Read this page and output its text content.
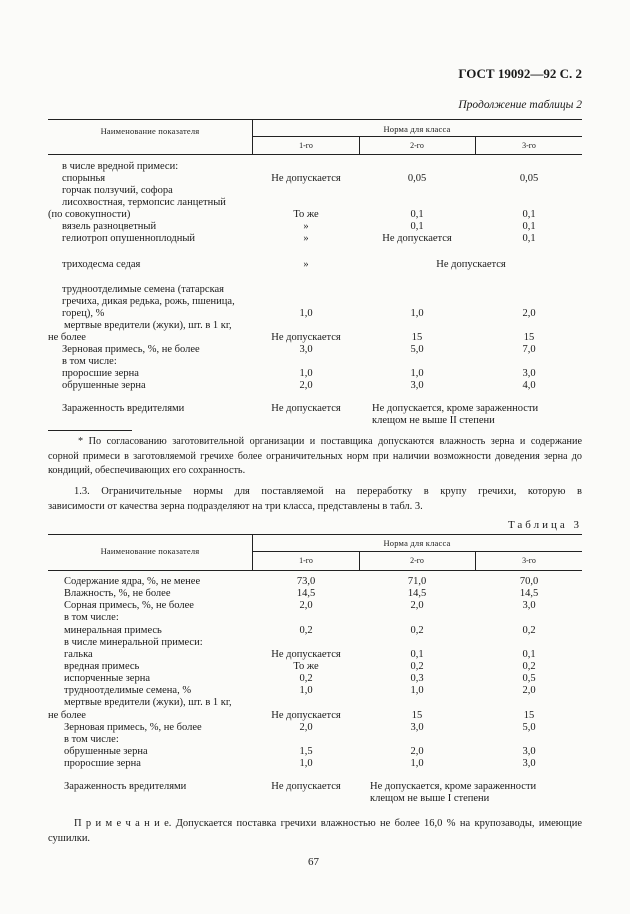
ГОСТ 19092—92 С. 2
Продолжение таблицы 2
Наименование показателя	Норма для класса
1-го	2-го	3-го
в числе вредной примеси:
спорынья	Не допускается	0,05	0,05
горчак ползучий, софора
лисохвостная, термопсис ланцетный
(по совокупности)	То же	0,1	0,1
вязель разноцветный	»	0,1	0,1
гелиотроп опушенноплодный	»	Не допускается	0,1
триходесма седая	»	Не допускается
трудноотделимые семена (татарская
гречиха, дикая редька, рожь, пшеница,
горец), %	1,0	1,0	2,0
мертвые вредители (жуки), шт. в 1 кг,
не более	Не допускается	15	15
Зерновая примесь, %, не более	3,0	5,0	7,0
в том числе:
проросшие зерна	1,0	1,0	3,0
обрушенные зерна	2,0	3,0	4,0
Зараженность вредителями	Не допускается	Не допускается, кроме зараженности
клещом не выше II степени
* По согласованию заготовительной организации и поставщика допускаются влажность зерна и содержание сорной примеси в заготовляемой гречихе более ограничительных норм при наличии возможности доведения зерна до кондиций, обеспечивающих его сохранность.
1.3. Ограничительные нормы для поставляемой на переработку в крупу гречихи, которую в
зависимости от качества зерна подразделяют на три класса, представлены в табл. 3.
Таблица 3
Наименование показателя
Норма для класса
1-го	2-го	3-го
Содержание ядра, %, не менее	73,0	71,0	70,0
Влажность, %, не более	14,5	14,5	14,5
Сорная примесь, %, не более	2,0	2,0	3,0
в том числе:
минеральная примесь	0,2	0,2	0,2
в числе минеральной примеси:
галька	Не допускается	0,1	0,1
вредная примесь	То же	0,2	0,2
испорченные зерна	0,2	0,3	0,5
трудноотделимые семена, %	1,0	1,0	2,0
мертвые вредители (жуки), шт. в 1 кг,
не более	Не допускается	15	15
Зерновая примесь, %, не более	2,0	3,0	5,0
в том числе:
обрушенные зерна	1,5	2,0	3,0
проросшие зерна	1,0	1,0	3,0
Зараженность вредителями	Не допускается	Не допускается, кроме зараженности
клещом не выше I степени
П р и м е ч а н и е. Допускается поставка гречихи влажностью не более 16,0 % на крупозаводы, имеющие
сушилки.
67
